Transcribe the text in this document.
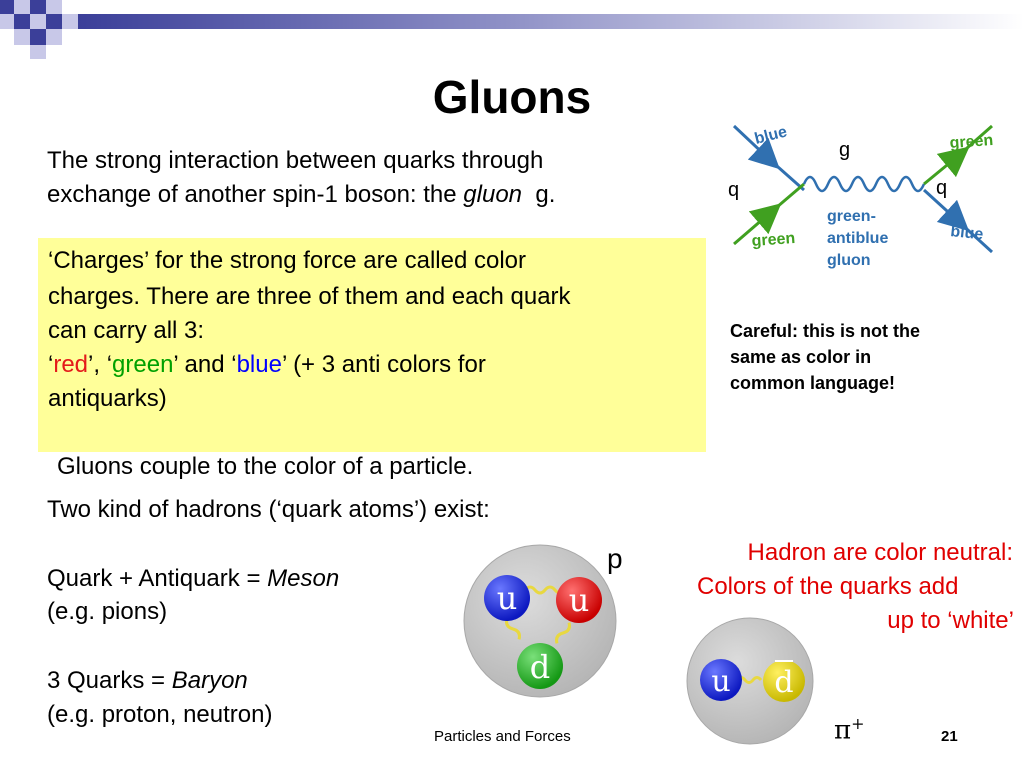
Gluons
The strong interaction between quarks through
exchange of another spin-1 boson: the gluon  g.
‘Charges’ for the strong force are called color
charges. There are three of them and each quark
can carry all 3:
‘red’, ‘green’ and ‘blue’ (+ 3 anti colors for
antiquarks)
Gluons couple to the color of a particle.
Two kind of hadrons (‘quark atoms’) exist:
Quark + Antiquark = Meson
(e.g. pions)
3 Quarks = Baryon
(e.g. proton, neutron)
blue
green
green
blue
g
q	q
green-
antiblue
gluon
Careful: this is not the
same as color in
common language!
Hadron are color neutral:
Colors of the quarks add
up to ‘white’
u u
d
p
u d
π+
Particles and Forces	21
